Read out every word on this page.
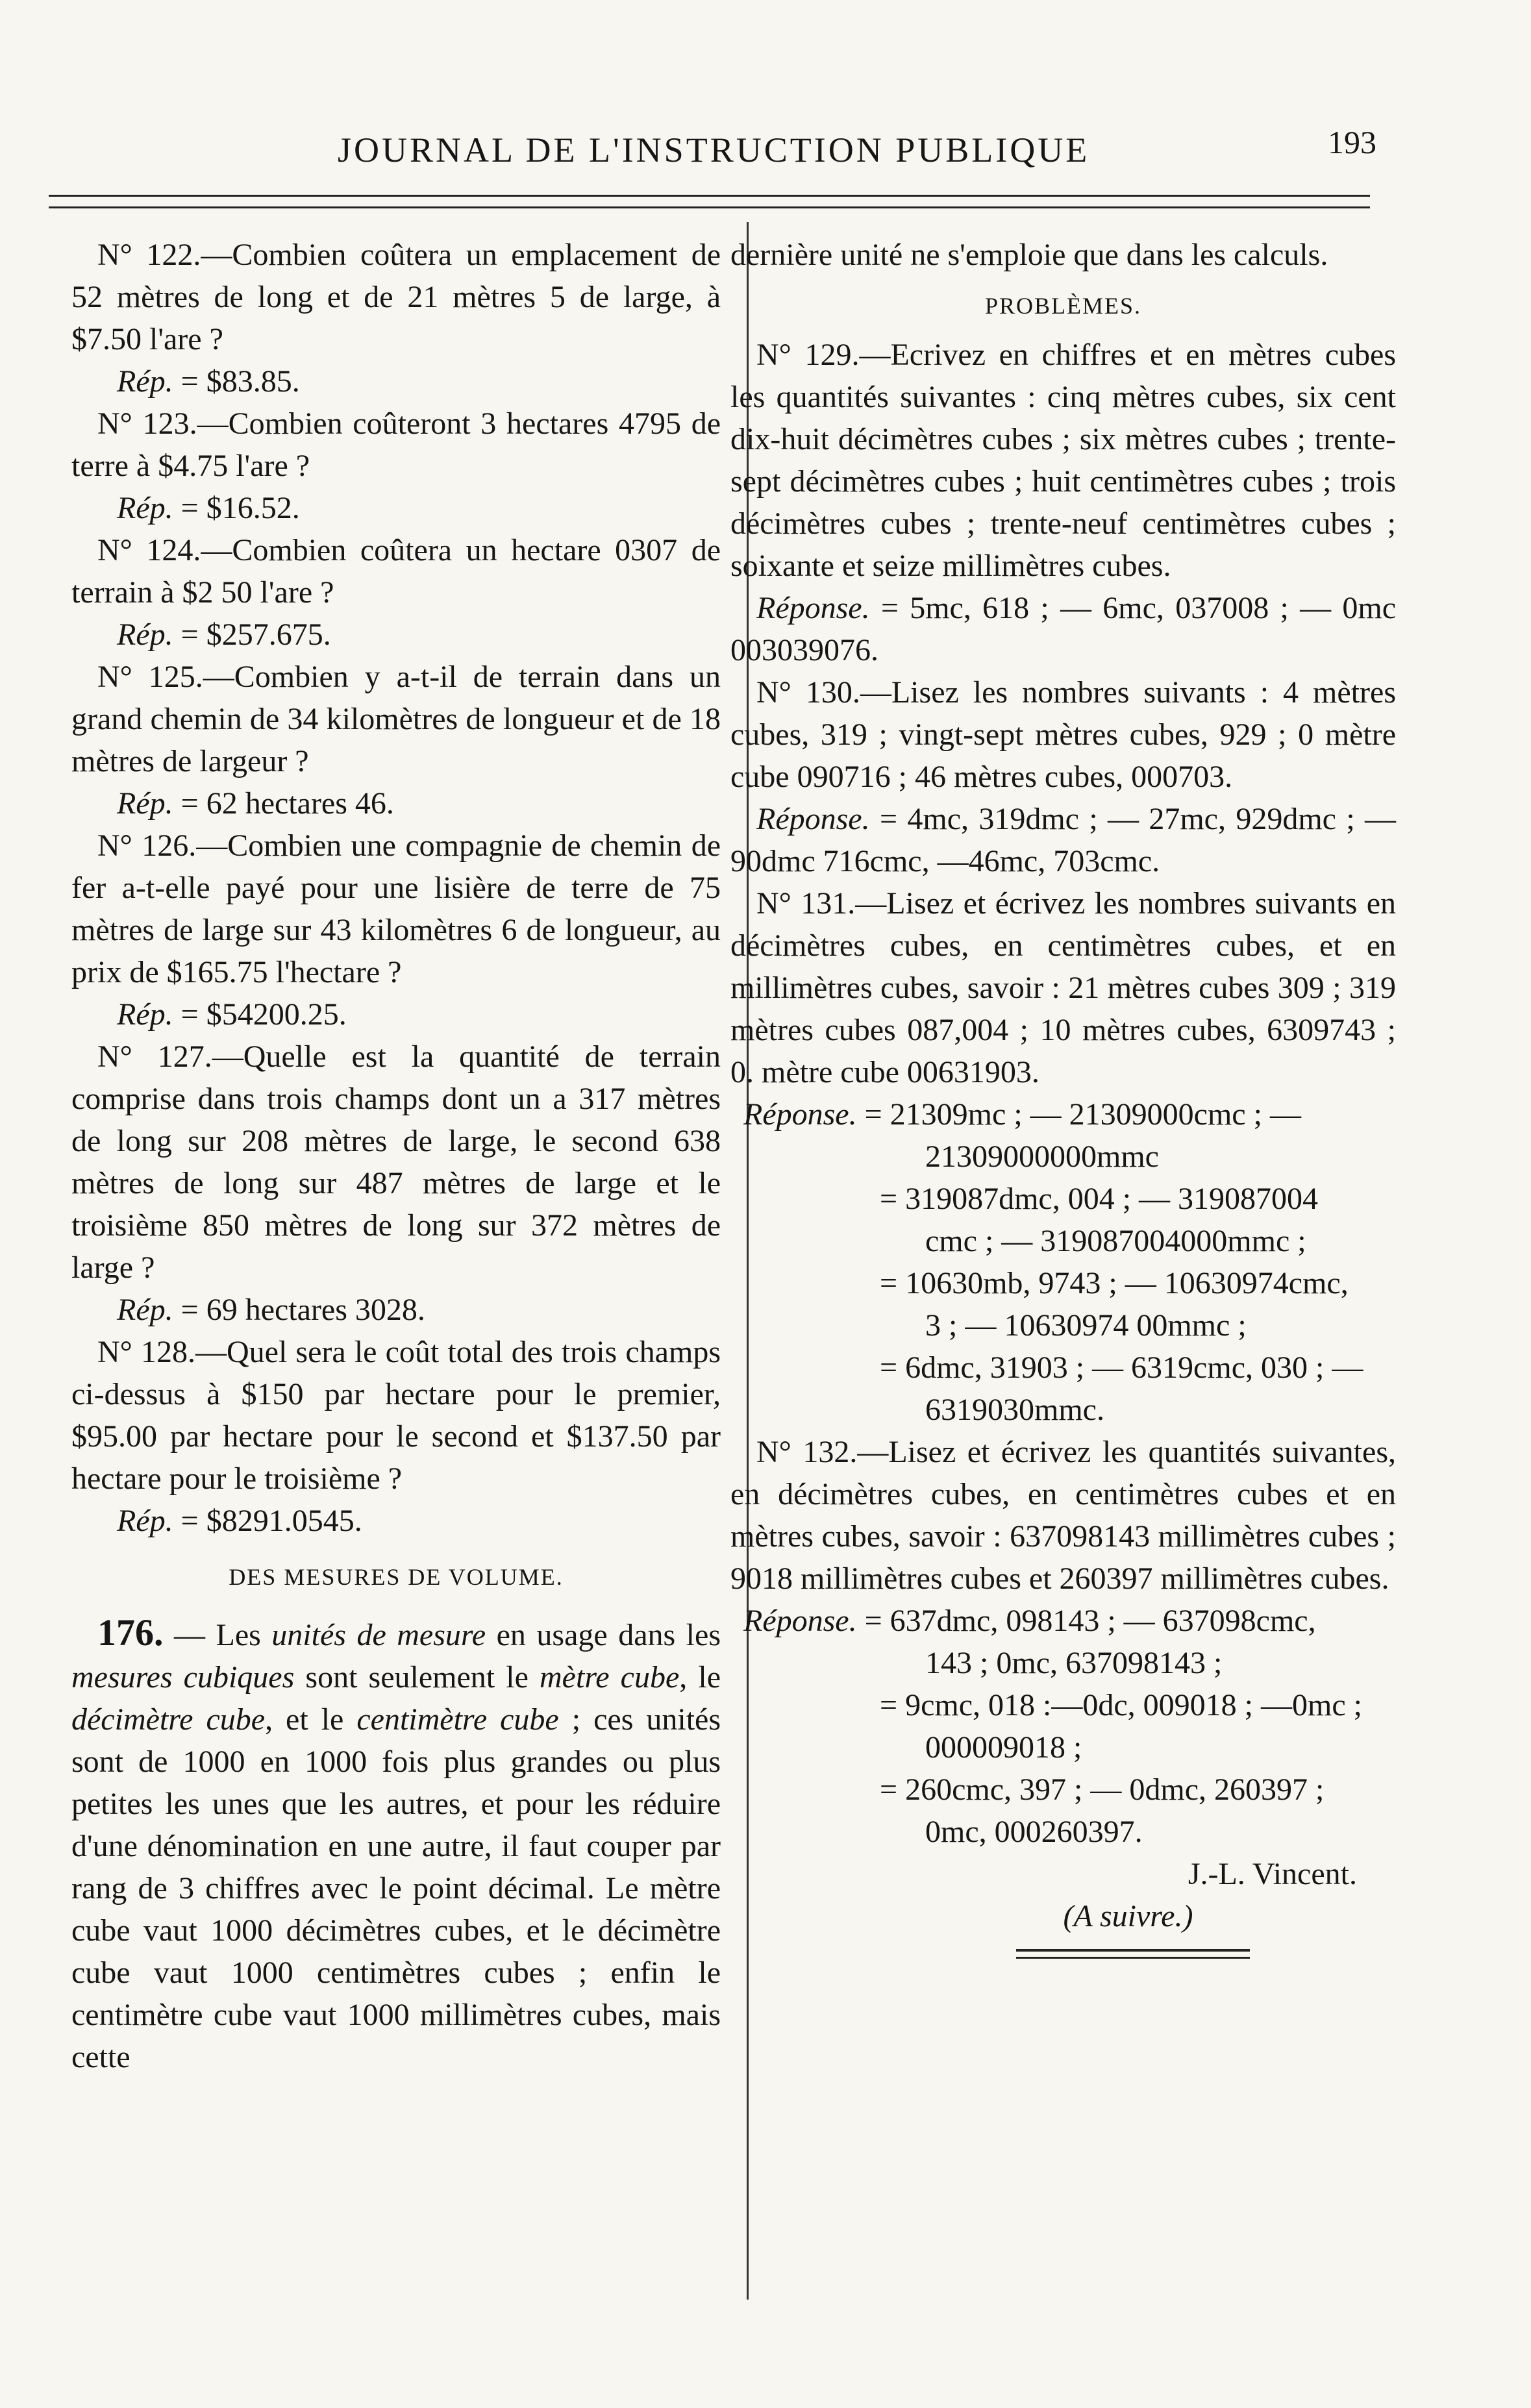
JOURNAL DE L'INSTRUCTION PUBLIQUE	193

N° 122.—Combien coûtera un emplacement de 52 mètres de long et de 21 mètres 5 de large, à $7.50 l'are ?

Rép. = $83.85.

N° 123.—Combien coûteront 3 hectares 4795 de terre à $4.75 l'are ?

Rép. = $16.52.

N° 124.—Combien coûtera un hectare 0307 de terrain à $2 50 l'are ?

Rép. = $257.675.

N° 125.—Combien y a-t-il de terrain dans un grand chemin de 34 kilomètres de longueur et de 18 mètres de largeur ?

Rép. = 62 hectares 46.

N° 126.—Combien une compagnie de chemin de fer a-t-elle payé pour une lisière de terre de 75 mètres de large sur 43 kilomètres 6 de longueur, au prix de $165.75 l'hectare ?

Rép. = $54200.25.

N° 127.—Quelle est la quantité de terrain comprise dans trois champs dont un a 317 mètres de long sur 208 mètres de large, le second 638 mètres de long sur 487 mètres de large et le troisième 850 mètres de long sur 372 mètres de large ?

Rép. = 69 hectares 3028.

N° 128.—Quel sera le coût total des trois champs ci-dessus à $150 par hectare pour le premier, $95.00 par hectare pour le second et $137.50 par hectare pour le troisième ?

Rép. = $8291.0545.

DES MESURES DE VOLUME.

176. — Les unités de mesure en usage dans les mesures cubiques sont seulement le mètre cube, le décimètre cube, et le centimètre cube ; ces unités sont de 1000 en 1000 fois plus grandes ou plus petites les unes que les autres, et pour les réduire d'une dénomination en une autre, il faut couper par rang de 3 chiffres avec le point décimal. Le mètre cube vaut 1000 décimètres cubes, et le décimètre cube vaut 1000 centimètres cubes ; enfin le centimètre cube vaut 1000 millimètres cubes, mais cette

dernière unité ne s'emploie que dans les calculs.

PROBLÈMES.

N° 129.—Ecrivez en chiffres et en mètres cubes les quantités suivantes : cinq mètres cubes, six cent dix-huit décimètres cubes ; six mètres cubes ; trente-sept décimètres cubes ; huit centimètres cubes ; trois décimètres cubes ; trente-neuf centimètres cubes ; soixante et seize millimètres cubes.

Réponse. = 5mc, 618 ; — 6mc, 037008 ; — 0mc 003039076.

N° 130.—Lisez les nombres suivants : 4 mètres cubes, 319 ; vingt-sept mètres cubes, 929 ; 0 mètre cube 090716 ; 46 mètres cubes, 000703.

Réponse. = 4mc, 319dmc ; — 27mc, 929dmc ; —90dmc 716cmc, —46mc, 703cmc.

N° 131.—Lisez et écrivez les nombres suivants en décimètres cubes, en centimètres cubes, et en millimètres cubes, savoir : 21 mètres cubes 309 ; 319 mètres cubes 087,004 ; 10 mètres cubes, 6309743 ; 0. mètre cube 00631903.

Réponse. = 21309mc ; — 21309000cmc ; —

21309000000mmc

= 319087dmc, 004 ; — 319087004

cmc ; — 319087004000mmc ;

= 10630mb, 9743 ; — 10630974cmc,

3 ; — 10630974 00mmc ;

= 6dmc, 31903 ; — 6319cmc, 030 ; —

6319030mmc.

N° 132.—Lisez et écrivez les quantités suivantes, en décimètres cubes, en centimètres cubes et en mètres cubes, savoir : 637098143 millimètres cubes ; 9018 millimètres cubes et 260397 millimètres cubes.

Réponse. = 637dmc, 098143 ; — 637098cmc,

143 ; 0mc, 637098143 ;

= 9cmc, 018 :—0dc, 009018 ; —0mc ;

000009018 ;

= 260cmc, 397 ; — 0dmc, 260397 ;

0mc, 000260397.

J.-L. Vincent.

(A suivre.)
